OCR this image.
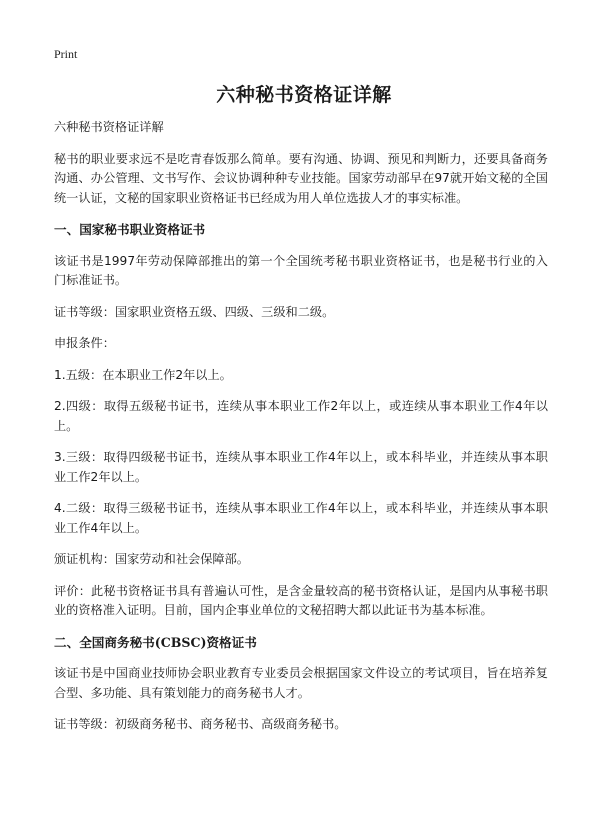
Print
六种秘书资格证详解

六种秘书资格证详解

秘书的职业要求远不是吃青春饭那么简单。要有沟通、协调、预见和判断力，还要具备商务沟通、办公管理、文书写作、会议协调种种专业技能。国家劳动部早在97就开始文秘的全国统一认证，文秘的国家职业资格证书已经成为用人单位选拔人才的事实标准。

一、国家秘书职业资格证书

该证书是1997年劳动保障部推出的第一个全国统考秘书职业资格证书，也是秘书行业的入门标准证书。

证书等级：国家职业资格五级、四级、三级和二级。

申报条件：

1.五级：在本职业工作2年以上。

2.四级：取得五级秘书证书，连续从事本职业工作2年以上，或连续从事本职业工作4年以上。

3.三级：取得四级秘书证书，连续从事本职业工作4年以上，或本科毕业，并连续从事本职业工作2年以上。

4.二级：取得三级秘书证书，连续从事本职业工作4年以上，或本科毕业，并连续从事本职业工作4年以上。

颁证机构：国家劳动和社会保障部。

评价：此秘书资格证书具有普遍认可性，是含金量较高的秘书资格认证，是国内从事秘书职业的资格准入证明。目前，国内企事业单位的文秘招聘大都以此证书为基本标准。

二、全国商务秘书(CBSC)资格证书

该证书是中国商业技师协会职业教育专业委员会根据国家文件设立的考试项目，旨在培养复合型、多功能、具有策划能力的商务秘书人才。

证书等级：初级商务秘书、商务秘书、高级商务秘书。
